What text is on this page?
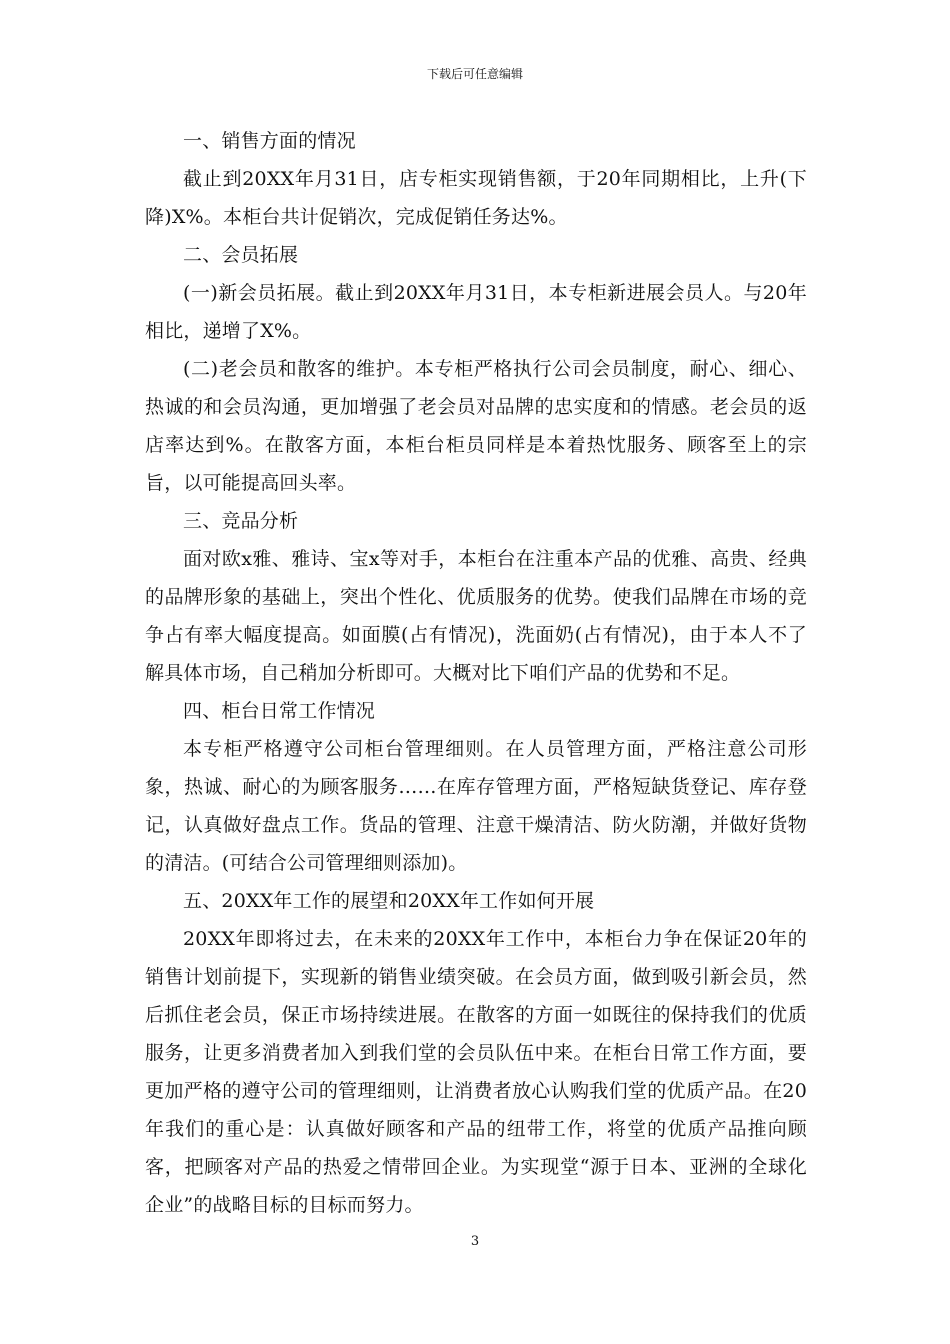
下载后可任意编辑

一、销售方面的情况

截止到20XX年月31日，店专柜实现销售额，于20年同期相比，上升(下降)X%。本柜台共计促销次，完成促销任务达%。

二、会员拓展

(一)新会员拓展。截止到20XX年月31日，本专柜新进展会员人。与20年相比，递增了X%。

(二)老会员和散客的维护。本专柜严格执行公司会员制度，耐心、细心、热诚的和会员沟通，更加增强了老会员对品牌的忠实度和的情感。老会员的返店率达到%。在散客方面，本柜台柜员同样是本着热忱服务、顾客至上的宗旨，以可能提高回头率。

三、竞品分析

面对欧x雅、雅诗、宝x等对手，本柜台在注重本产品的优雅、高贵、经典的品牌形象的基础上，突出个性化、优质服务的优势。使我们品牌在市场的竞争占有率大幅度提高。如面膜(占有情况)，洗面奶(占有情况)，由于本人不了解具体市场，自己稍加分析即可。大概对比下咱们产品的优势和不足。

四、柜台日常工作情况

本专柜严格遵守公司柜台管理细则。在人员管理方面，严格注意公司形象，热诚、耐心的为顾客服务……在库存管理方面，严格短缺货登记、库存登记，认真做好盘点工作。货品的管理、注意干燥清洁、防火防潮，并做好货物的清洁。(可结合公司管理细则添加)。

五、20XX年工作的展望和20XX年工作如何开展

20XX年即将过去，在未来的20XX年工作中，本柜台力争在保证20年的销售计划前提下，实现新的销售业绩突破。在会员方面，做到吸引新会员，然后抓住老会员，保正市场持续进展。在散客的方面一如既往的保持我们的优质服务，让更多消费者加入到我们堂的会员队伍中来。在柜台日常工作方面，要更加严格的遵守公司的管理细则，让消费者放心认购我们堂的优质产品。在20年我们的重心是：认真做好顾客和产品的纽带工作，将堂的优质产品推向顾客，把顾客对产品的热爱之情带回企业。为实现堂“源于日本、亚洲的全球化企业”的战略目标的目标而努力。

3
